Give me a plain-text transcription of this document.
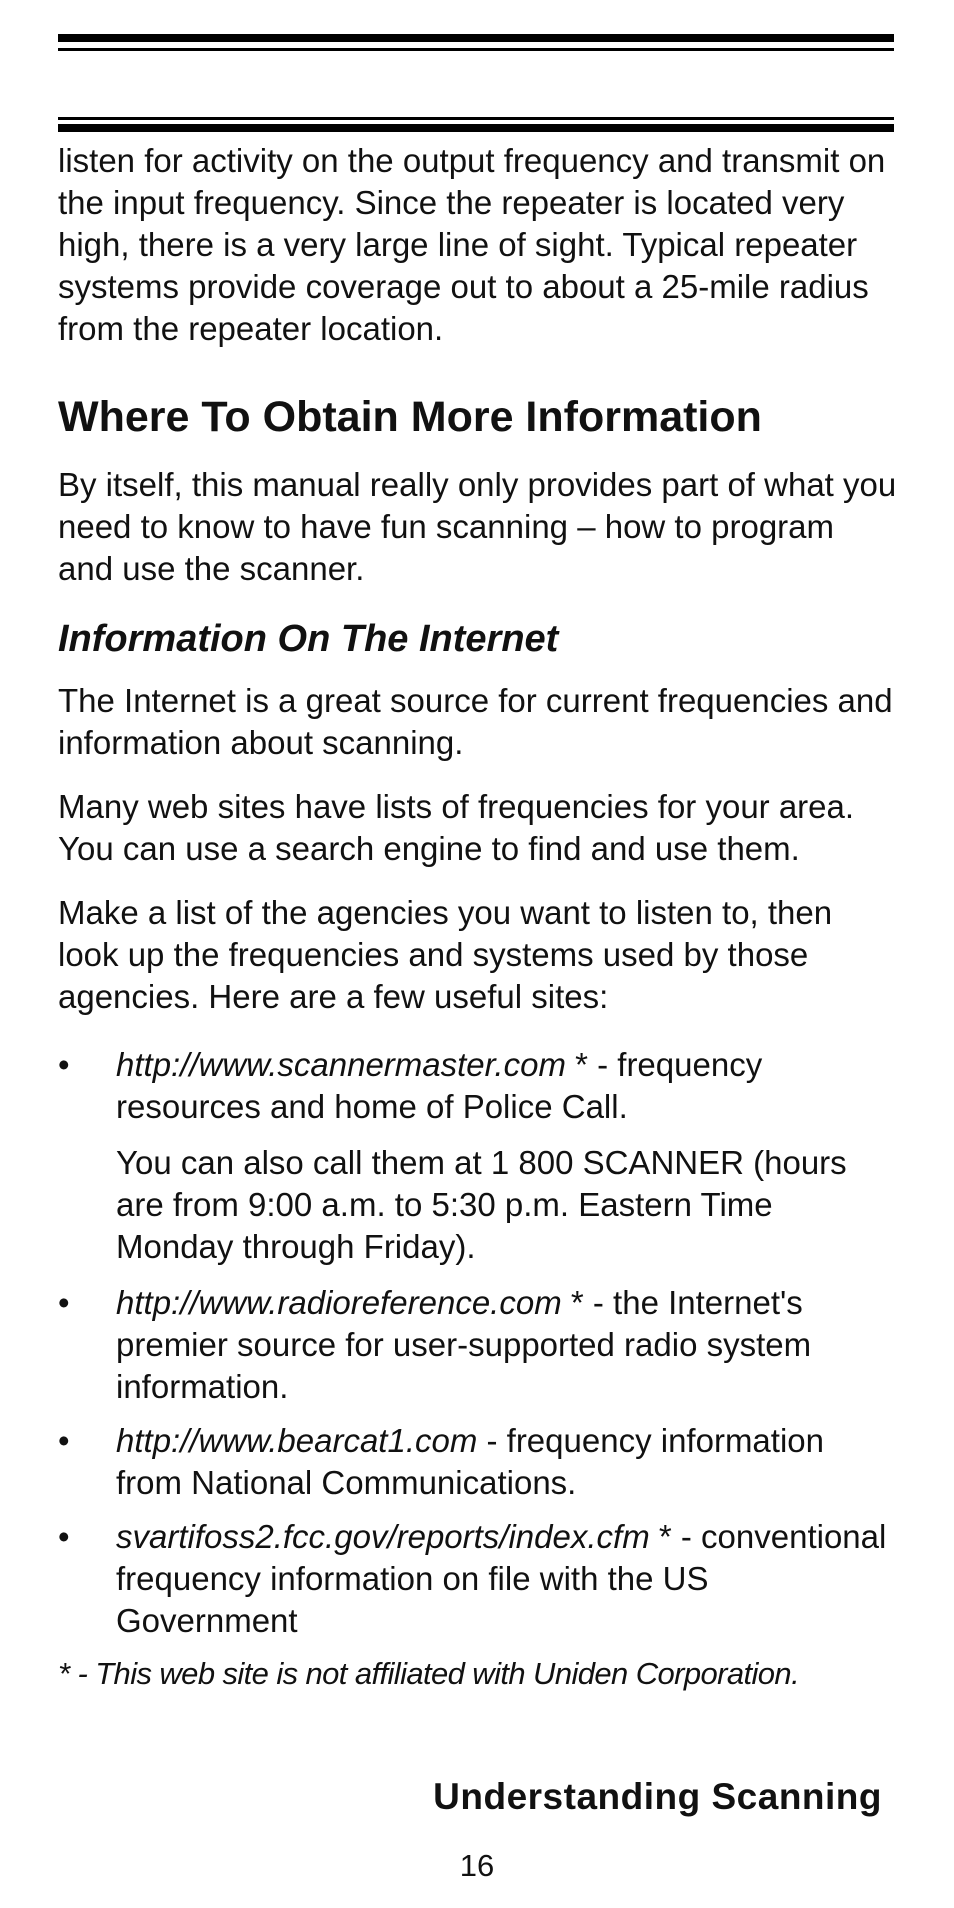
listen for activity on the output frequency and transmit on the input frequency. Since the repeater is located very high, there is a very large line of sight. Typical repeater systems provide coverage out to about a 25-mile radius from the repeater location.

Where To Obtain More Information

By itself, this manual really only provides part of what you need to know to have fun scanning – how to program and use the scanner.

Information On The Internet

The Internet is a great source for current frequencies and information about scanning.

Many web sites have lists of frequencies for your area. You can use a search engine to find and use them.

Make a list of the agencies you want to listen to, then look up the frequencies and systems used by those agencies. Here are a few useful sites:

• http://www.scannermaster.com * - frequency resources and home of Police Call.
You can also call them at 1 800 SCANNER (hours are from 9:00 a.m. to 5:30 p.m. Eastern Time Monday through Friday).
• http://www.radioreference.com * - the Internet's premier source for user-supported radio system information.
• http://www.bearcat1.com - frequency information from National Communications.
• svartifoss2.fcc.gov/reports/index.cfm * - conventional frequency information on file with the US Government

* - This web site is not affiliated with Uniden Corporation.

Understanding Scanning
16
